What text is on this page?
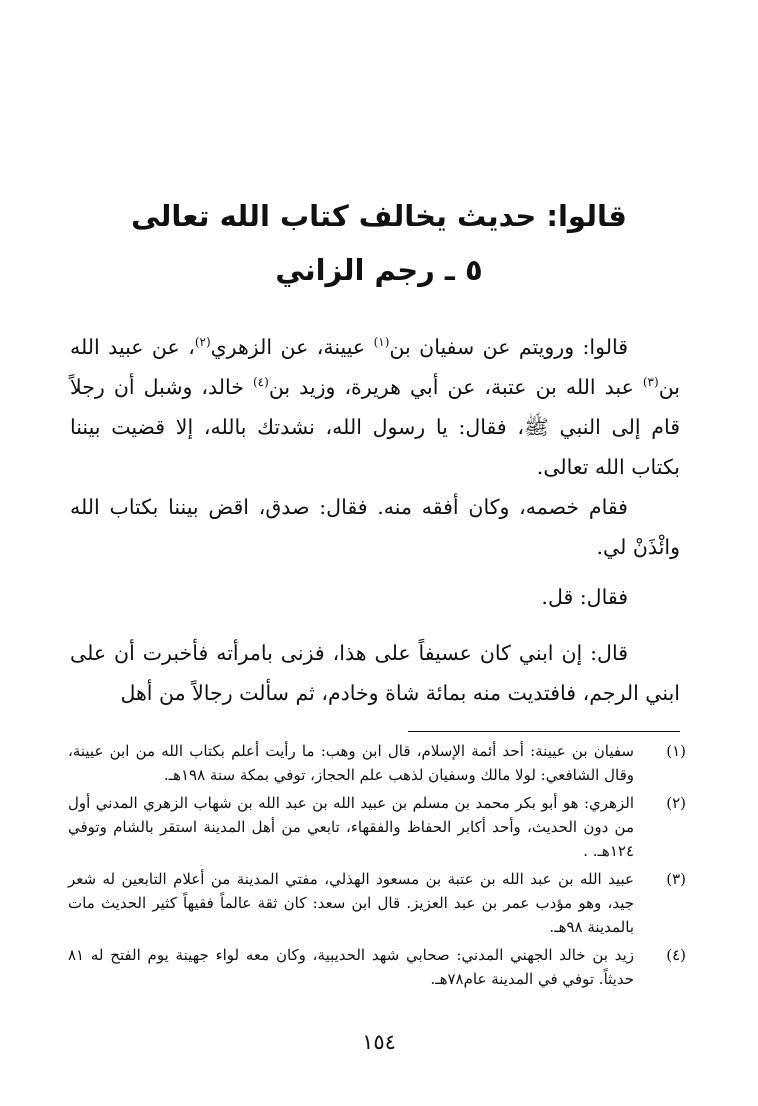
قالوا: حديث يخالف كتاب الله تعالى
٥ ـ رجم الزاني

قالوا: ورويتم عن سفيان بن$^{(١)}$ عيينة، عن الزهري$^{(٢)}$، عن عبيد الله بن$^{(٣)}$ عبد الله بن عتبة، عن أبي هريرة، وزيد بن$^{(٤)}$ خالد، وشبل أن رجلاً قام إلى النبي ﷺ، فقال: يا رسول الله، نشدتك بالله، إلا قضيت بيننا بكتاب الله تعالى.

فقام خصمه، وكان أفقه منه. فقال: صدق، اقض بيننا بكتاب الله وائْذَنْ لي.

فقال: قل.

قال: إن ابني كان عسيفاً على هذا، فزنى بامرأته فأخبرت أن على ابني الرجم، فافتديت منه بمائة شاة وخادم، ثم سألت رجالاً من أهل

(١)
سفيان بن عيينة: أحد أئمة الإسلام، قال ابن وهب: ما رأيت أعلم بكتاب الله من ابن عيينة، وقال الشافعي: لولا مالك وسفيان لذهب علم الحجاز، توفي بمكة سنة ١٩٨هـ.
(٢)
الزهري: هو أبو بكر محمد بن مسلم بن عبيد الله بن عبد الله بن شهاب الزهري المدني أول من دون الحديث، وأحد أكابر الحفاظ والفقهاء، تابعي من أهل المدينة استقر بالشام وتوفي ١٢٤هـ. .
(٣)
عبيد الله بن عبد الله بن عتبة بن مسعود الهذلي، مفتي المدينة من أعلام التابعين له شعر جيد، وهو مؤدب عمر بن عبد العزيز. قال ابن سعد: كان ثقة عالماً فقيهاً كثير الحديث مات بالمدينة ٩٨هـ.
(٤)
زيد بن خالد الجهني المدني: صحابي شهد الحديبية، وكان معه لواء جهينة يوم الفتح له ٨١ حديثاً. توفي في المدينة عام٧٨هـ.
١٥٤
